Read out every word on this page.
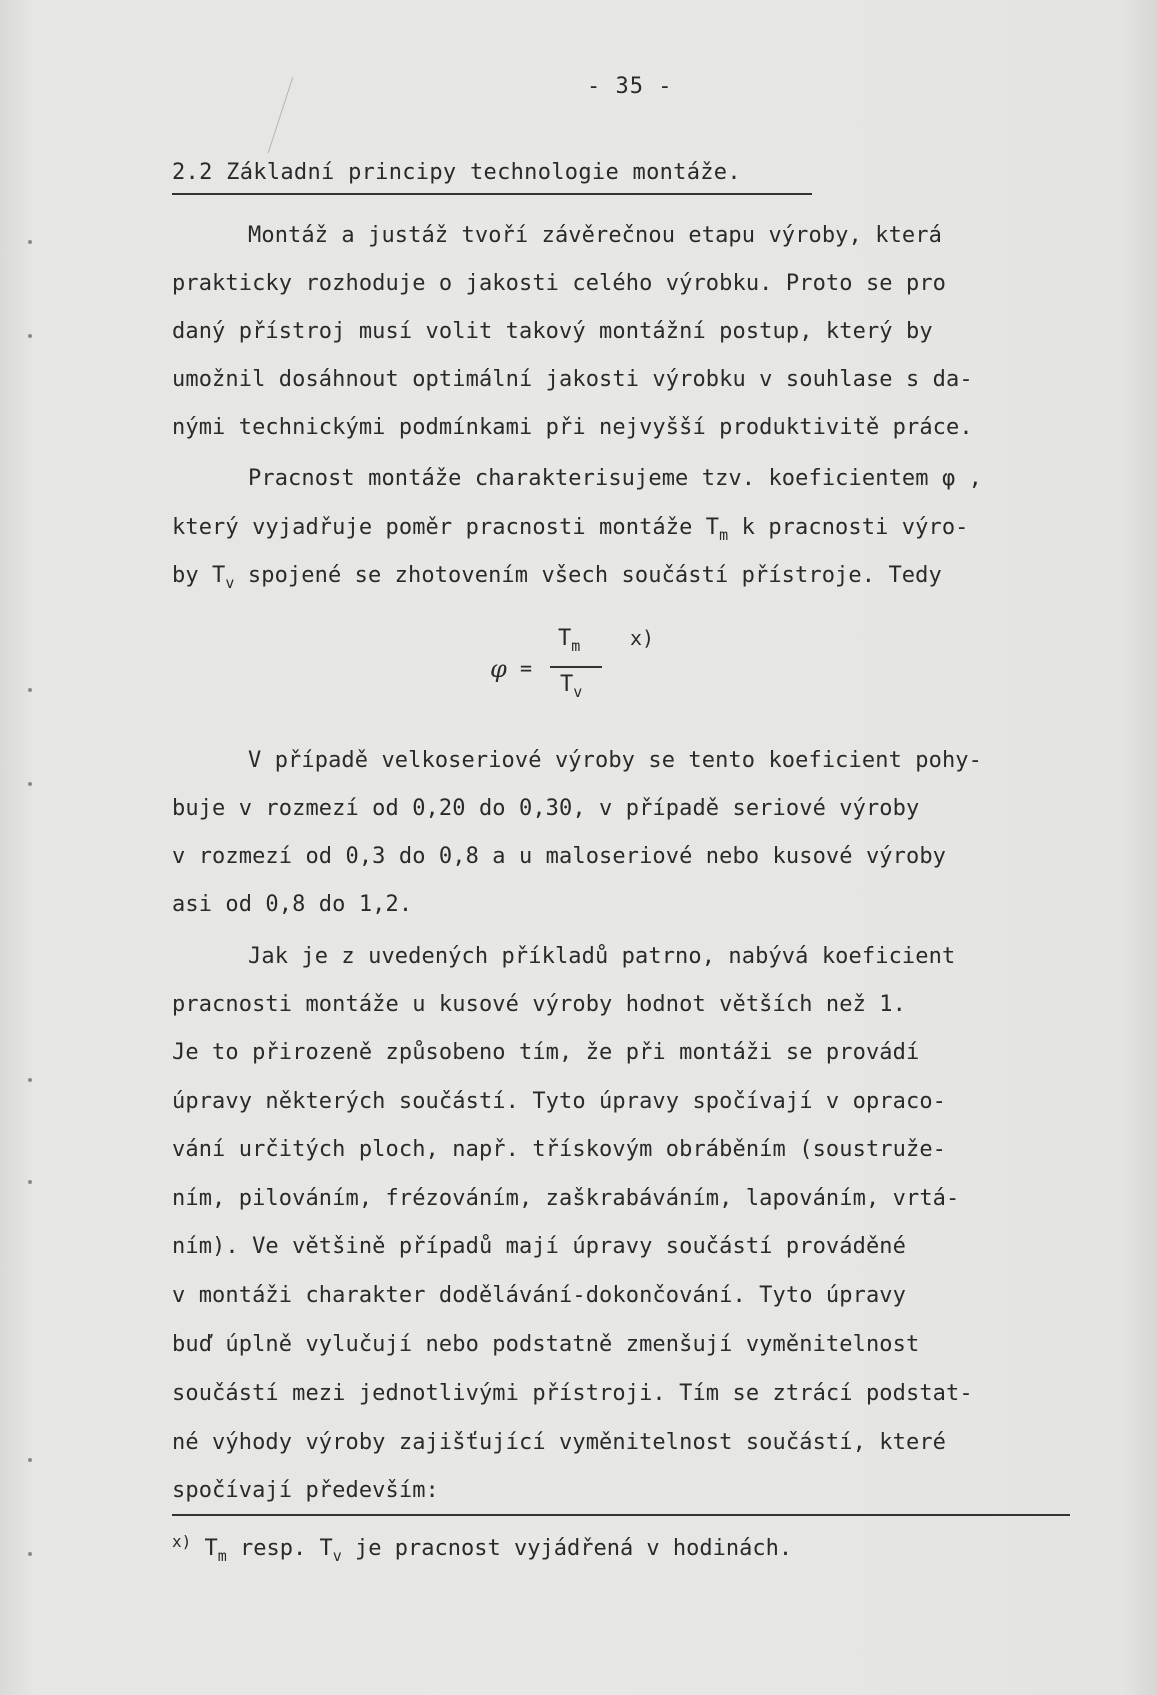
- 35 -
2.2 Základní principy technologie montáže.
Montáž a justáž tvoří závěrečnou etapu výroby, která
prakticky rozhoduje o jakosti celého výrobku. Proto se pro
daný přístroj musí volit takový montážní postup, který by
umožnil dosáhnout optimální jakosti výrobku v souhlase s da-
nými technickými podmínkami při nejvyšší produktivitě práce.
Pracnost montáže charakterisujeme tzv. koeficientem φ ,
který vyjadřuje poměr pracnosti montáže $T_m$ k pracnosti výro-
by $T_v$ spojené se zhotovením všech součástí přístroje. Tedy
φ =
$T_m$
$T_v$
x)
V případě velkoseriové výroby se tento koeficient pohy-
buje v rozmezí od 0,20 do 0,30, v případě seriové výroby
v rozmezí od 0,3 do 0,8 a u maloseriové nebo kusové výroby
asi od 0,8 do 1,2.
Jak je z uvedených příkladů patrno, nabývá koeficient
pracnosti montáže u kusové výroby hodnot větších než 1.
Je to přirozeně způsobeno tím, že při montáži se provádí
úpravy některých součástí. Tyto úpravy spočívají v opraco-
vání určitých ploch, např. třískovým obráběním (soustruže-
ním, pilováním, frézováním, zaškrabáváním, lapováním, vrtá-
ním). Ve většině případů mají úpravy součástí prováděné
v montáži charakter dodělávání-dokončování. Tyto úpravy
buď úplně vylučují nebo podstatně zmenšují vyměnitelnost
součástí mezi jednotlivými přístroji. Tím se ztrácí podstat-
né výhody výroby zajišťující vyměnitelnost součástí, které
spočívají především:
$^{x)}$ $T_m$ resp. $T_v$ je pracnost vyjádřená v hodinách.
